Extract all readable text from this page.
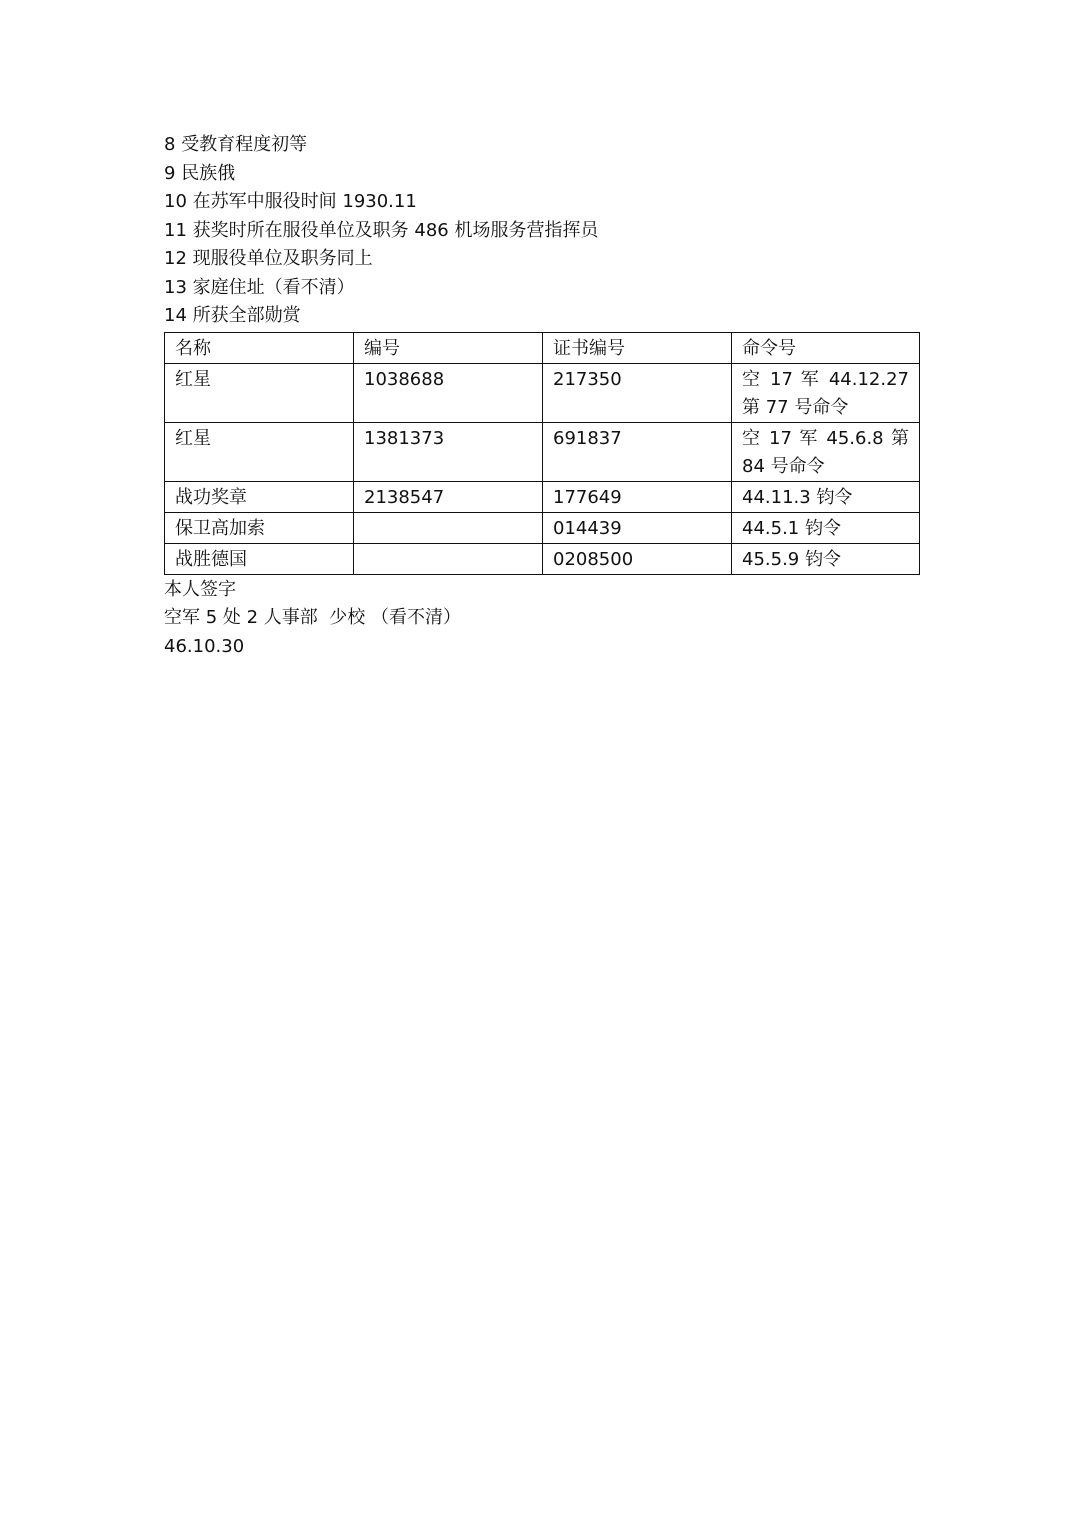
8 受教育程度初等
9 民族俄
10 在苏军中服役时间 1930.11
11 获奖时所在服役单位及职务 486 机场服务营指挥员
12 现服役单位及职务同上
13 家庭住址（看不清）
14 所获全部勋赏
名称	编号	证书编号	命令号
红星	1038688	217350	空 17 军 44.12.27 第 77 号命令
红星	1381373	691837	空 17 军 45.6.8 第 84 号命令
战功奖章	2138547	177649	44.11.3 钧令
保卫高加索		014439	44.5.1 钧令
战胜德国		0208500	45.5.9 钧令
本人签字
空军 5 处 2 人事部  少校 （看不清）
46.10.30
